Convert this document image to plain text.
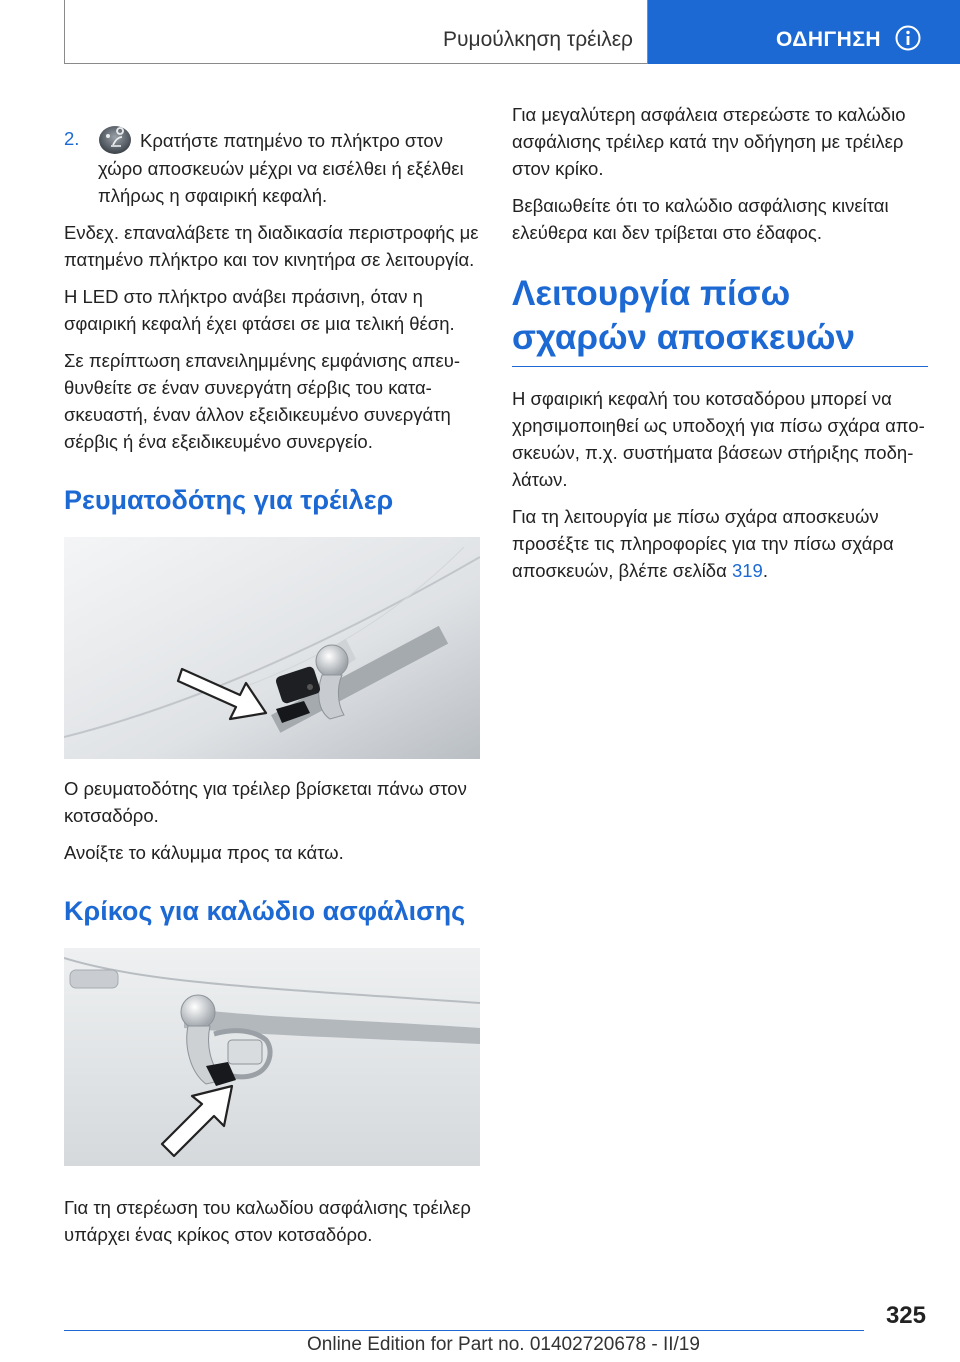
Ρυμούλκηση τρέιλερ	ΟΔΗΓΗΣΗ

2.	Κρατήστε πατημένο το πλήκτρο στον χώρο αποσκευών μέχρι να εισέλθει ή εξέλθει πλήρως η σφαιρική κεφαλή.

Ενδεχ. επαναλάβετε τη διαδικασία περιστροφής με πατημένο πλήκτρο και τον κινητήρα σε λειτουργία.

Η LED στο πλήκτρο ανάβει πράσινη, όταν η σφαιρική κεφαλή έχει φτάσει σε μια τελική θέση.

Σε περίπτωση επανειλημμένης εμφάνισης απευθυνθείτε σε έναν συνεργάτη σέρβις του κατασκευαστή, έναν άλλον εξειδικευμένο συνεργάτη σέρβις ή ένα εξειδικευμένο συνεργείο.

Ρευματοδότης για τρέιλερ

Ο ρευματοδότης για τρέιλερ βρίσκεται πάνω στον κοτσαδόρο.

Ανοίξτε το κάλυμμα προς τα κάτω.

Κρίκος για καλώδιο ασφάλισης

Για τη στερέωση του καλωδίου ασφάλισης τρέιλερ υπάρχει ένας κρίκος στον κοτσαδόρο.

Για μεγαλύτερη ασφάλεια στερεώστε το καλώδιο ασφάλισης τρέιλερ κατά την οδήγηση με τρέιλερ στον κρίκο.

Βεβαιωθείτε ότι το καλώδιο ασφάλισης κινείται ελεύθερα και δεν τρίβεται στο έδαφος.

Λειτουργία πίσω σχαρών αποσκευών

Η σφαιρική κεφαλή του κοτσαδόρου μπορεί να χρησιμοποιηθεί ως υποδοχή για πίσω σχάρα αποσκευών, π.χ. συστήματα βάσεων στήριξης ποδηλάτων.

Για τη λειτουργία με πίσω σχάρα αποσκευών προσέξτε τις πληροφορίες για την πίσω σχάρα αποσκευών, βλέπε σελίδα 319.

325
Online Edition for Part no. 01402720678 - II/19
